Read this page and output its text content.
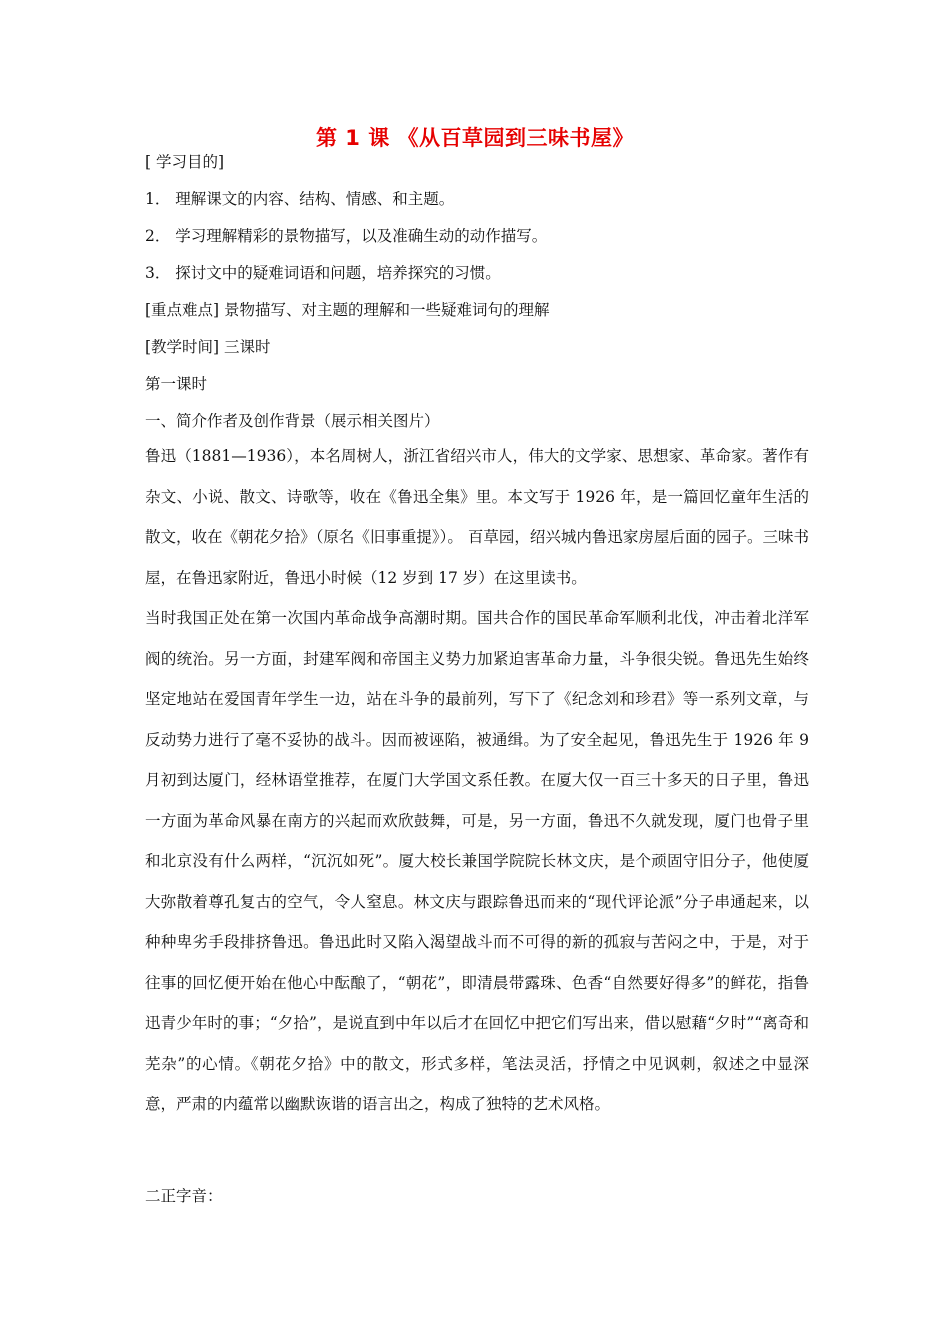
第 1 课 《从百草园到三味书屋》
[ 学习目的]
1． 理解课文的内容、结构、情感、和主题。
2． 学习理解精彩的景物描写，以及准确生动的动作描写。
3． 探讨文中的疑难词语和问题，培养探究的习惯。
[重点难点] 景物描写、对主题的理解和一些疑难词句的理解
[教学时间] 三课时
第一课时
一、简介作者及创作背景（展示相关图片）
鲁迅（1881—1936），本名周树人，浙江省绍兴市人，伟大的文学家、思想家、革命家。著作有杂文、小说、散文、诗歌等，收在《鲁迅全集》里。本文写于 1926 年，是一篇回忆童年生活的散文，收在《朝花夕拾》（原名《旧事重提》）。 百草园，绍兴城内鲁迅家房屋后面的园子。三味书屋，在鲁迅家附近，鲁迅小时候（12 岁到 17 岁）在这里读书。
当时我国正处在第一次国内革命战争高潮时期。国共合作的国民革命军顺利北伐，冲击着北洋军阀的统治。另一方面，封建军阀和帝国主义势力加紧迫害革命力量，斗争很尖锐。鲁迅先生始终坚定地站在爱国青年学生一边，站在斗争的最前列，写下了《纪念刘和珍君》等一系列文章，与反动势力进行了毫不妥协的战斗。因而被诬陷，被通缉。为了安全起见，鲁迅先生于 1926 年 9 月初到达厦门，经林语堂推荐，在厦门大学国文系任教。在厦大仅一百三十多天的日子里，鲁迅一方面为革命风暴在南方的兴起而欢欣鼓舞，可是，另一方面，鲁迅不久就发现，厦门也骨子里和北京没有什么两样，“沉沉如死”。厦大校长兼国学院院长林文庆，是个顽固守旧分子，他使厦大弥散着尊孔复古的空气，令人窒息。林文庆与跟踪鲁迅而来的“现代评论派”分子串通起来，以种种卑劣手段排挤鲁迅。鲁迅此时又陷入渴望战斗而不可得的新的孤寂与苦闷之中，于是，对于往事的回忆便开始在他心中酝酿了，“朝花”，即清晨带露珠、色香“自然要好得多”的鲜花，指鲁迅青少年时的事；“夕拾”，是说直到中年以后才在回忆中把它们写出来，借以慰藉“夕时”“离奇和芜杂”的心情。《朝花夕拾》中的散文，形式多样，笔法灵活，抒情之中见讽刺，叙述之中显深意，严肃的内蕴常以幽默诙谐的语言出之，构成了独特的艺术风格。
二正字音：
